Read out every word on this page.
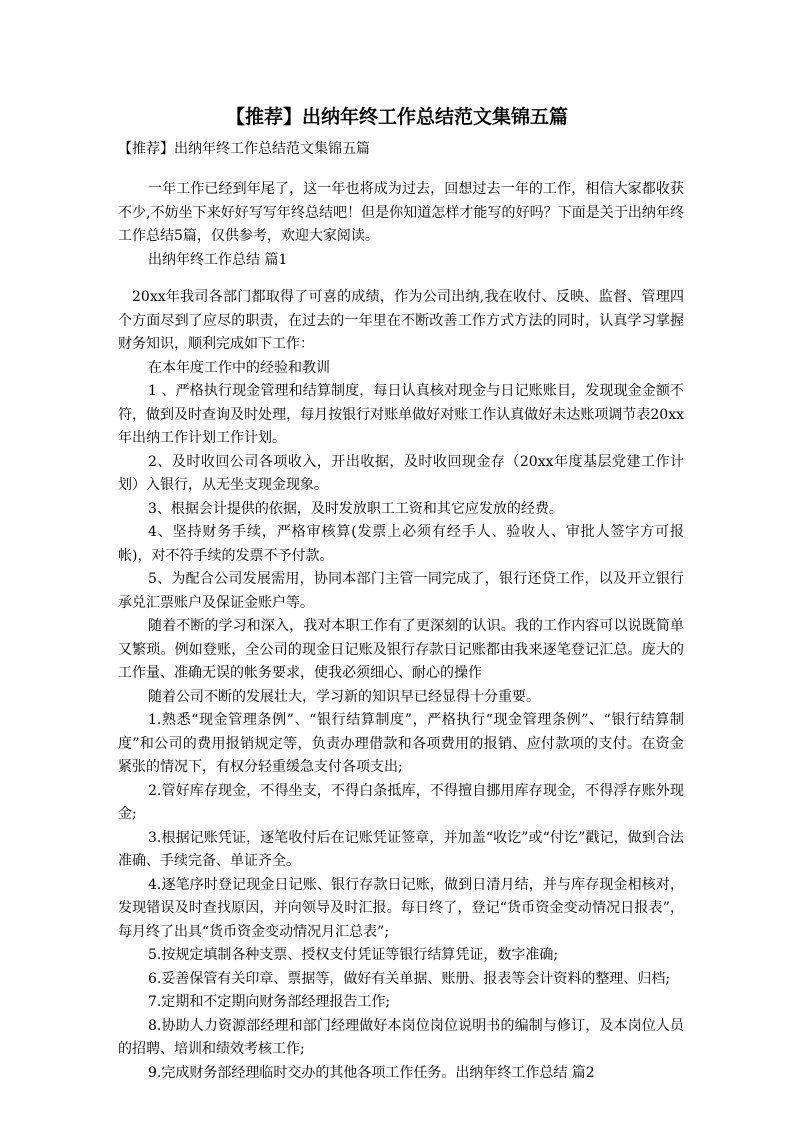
【推荐】出纳年终工作总结范文集锦五篇
【推荐】出纳年终工作总结范文集锦五篇

一年工作已经到年尾了，这一年也将成为过去，回想过去一年的工作，相信大家都收获不少,不妨坐下来好好写写年终总结吧！但是你知道怎样才能写的好吗？下面是关于出纳年终工作总结5篇，仅供参考，欢迎大家阅读。

出纳年终工作总结 篇1

20xx年我司各部门都取得了可喜的成绩，作为公司出纳,我在收付、反映、监督、管理四个方面尽到了应尽的职责，在过去的一年里在不断改善工作方式方法的同时，认真学习掌握财务知识，顺利完成如下工作：

在本年度工作中的经验和教训

1 、严格执行现金管理和结算制度，每日认真核对现金与日记账账目，发现现金金额不符，做到及时查询及时处理，每月按银行对账单做好对账工作认真做好未达账项调节表20xx年出纳工作计划工作计划。

2、及时收回公司各项收入，开出收据，及时收回现金存（20xx年度基层党建工作计划）入银行，从无坐支现金现象。

3、根据会计提供的依据，及时发放职工工资和其它应发放的经费。

4、坚持财务手续，严格审核算(发票上必须有经手人、验收人、审批人签字方可报帐)，对不符手续的发票不予付款。

5、为配合公司发展需用，协同本部门主管一同完成了，银行还贷工作，以及开立银行承兑汇票账户及保证金账户等。

随着不断的学习和深入，我对本职工作有了更深刻的认识。我的工作内容可以说既简单又繁琐。例如登账，全公司的现金日记账及银行存款日记账都由我来逐笔登记汇总。庞大的工作量、准确无误的帐务要求，使我必须细心、耐心的操作

随着公司不断的发展壮大，学习新的知识早已经显得十分重要。

1.熟悉“现金管理条例”、“银行结算制度”，严格执行“现金管理条例”、“银行结算制度”和公司的费用报销规定等，负责办理借款和各项费用的报销、应付款项的支付。在资金紧张的情况下，有权分轻重缓急支付各项支出;

2.管好库存现金，不得坐支，不得白条抵库，不得擅自挪用库存现金，不得浮存账外现金;

3.根据记账凭证，逐笔收付后在记账凭证签章，并加盖“收讫”或“付讫”戳记，做到合法准确、手续完备、单证齐全。

4.逐笔序时登记现金日记账、银行存款日记账，做到日清月结，并与库存现金相核对，发现错误及时查找原因，并向领导及时汇报。每日终了，登记“货币资金变动情况日报表”，每月终了出具“货币资金变动情况月汇总表”;

5.按规定填制各种支票、授权支付凭证等银行结算凭证，数字准确;

6.妥善保管有关印章、票据等，做好有关单据、账册、报表等会计资料的整理、归档;

7.定期和不定期向财务部经理报告工作;

8.协助人力资源部经理和部门经理做好本岗位岗位说明书的编制与修订，及本岗位人员的招聘、培训和绩效考核工作;

9.完成财务部经理临时交办的其他各项工作任务。出纳年终工作总结 篇2
